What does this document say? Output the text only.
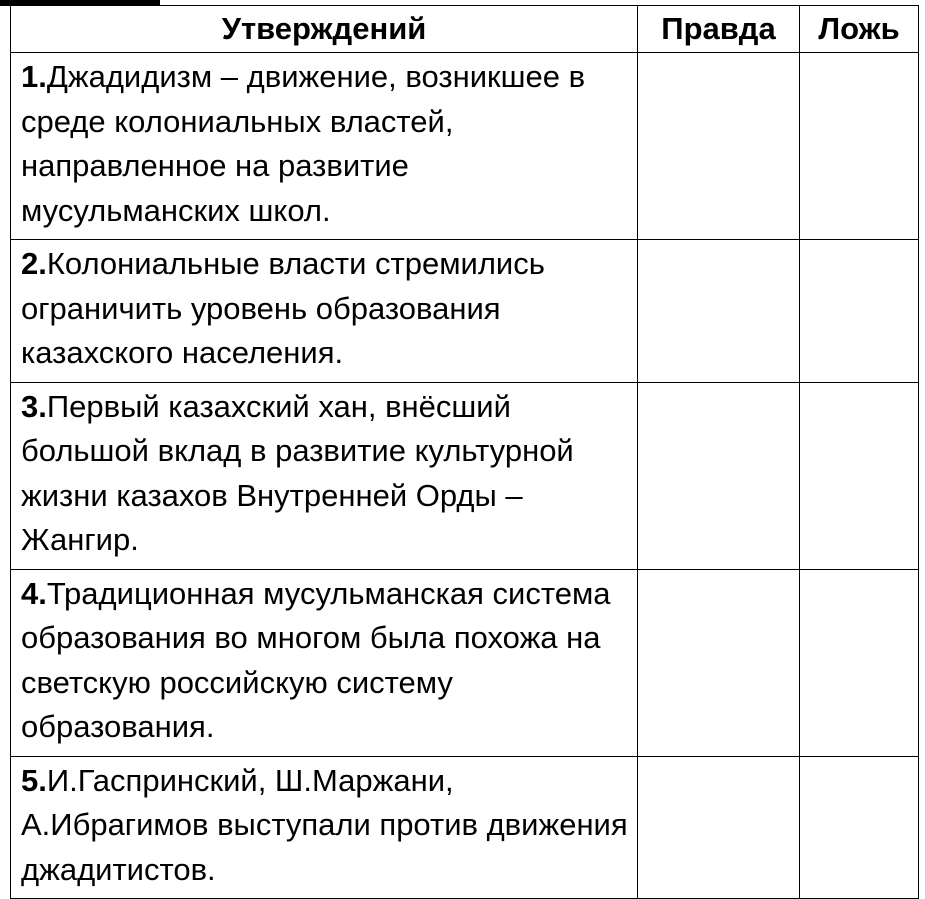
Утверждений	Правда	Ложь
1.Джадидизм – движение, возникшее в среде колониальных властей, направленное на развитие мусульманских школ.		
2.Колониальные власти стремились ограничить уровень образования казахского населения.		
3.Первый казахский хан, внёсший большой вклад в развитие культурной жизни казахов Внутренней Орды – Жангир.		
4.Традиционная мусульманская система образования во многом была похожа на светскую российскую систему образования.		
5.И.Гаспринский, Ш.Маржани, А.Ибрагимов выступали против движения джадитистов.		
